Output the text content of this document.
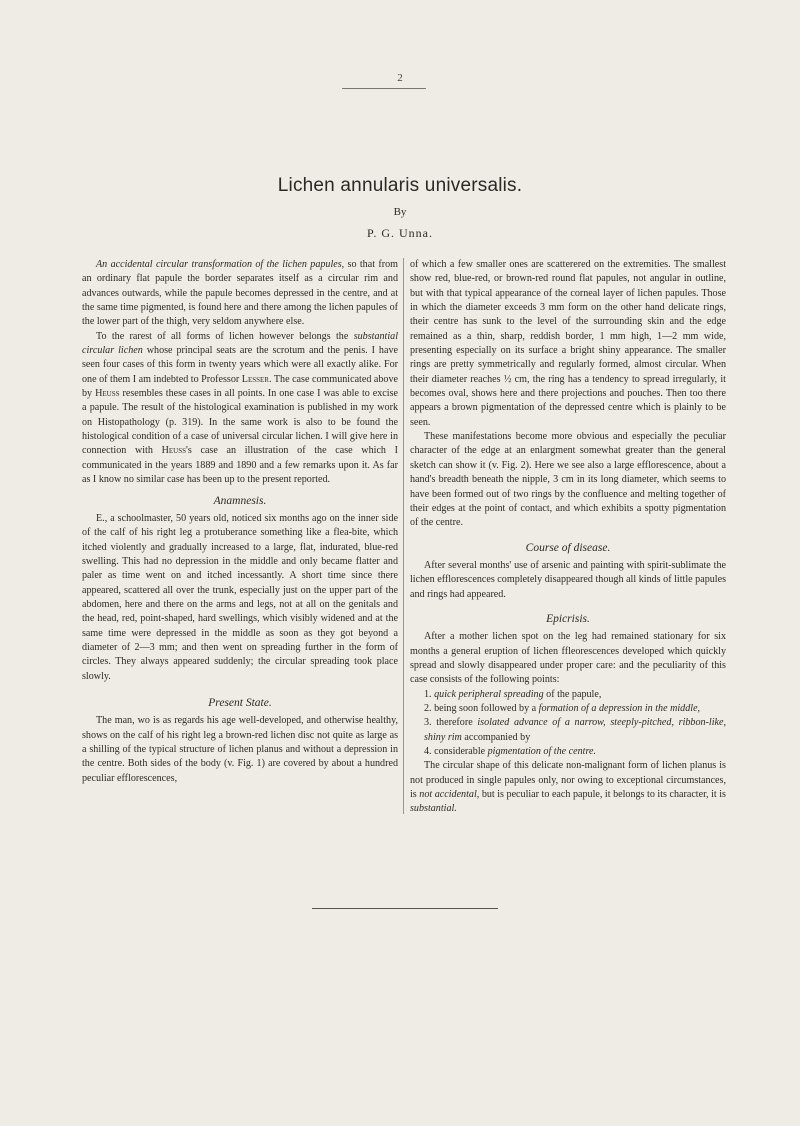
2
Lichen annularis universalis.
By
P. G. Unna.

An accidental circular transformation of the lichen papules, so that from an ordinary flat papule the border separates itself as a circular rim and advances outwards, while the papule becomes depressed in the centre, and at the same time pigmented, is found here and there among the lichen papules of the lower part of the thigh, very seldom anywhere else.

To the rarest of all forms of lichen however belongs the substantial circular lichen whose principal seats are the scrotum and the penis. I have seen four cases of this form in twenty years which were all exactly alike. For one of them I am indebted to Professor Lesser. The case communicated above by Heuss resembles these cases in all points. In one case I was able to excise a papule. The result of the histological examination is published in my work on Histopathology (p. 319). In the same work is also to be found the histological condition of a case of universal circular lichen. I will give here in connection with Heuss's case an illustration of the case which I communicated in the years 1889 and 1890 and a few remarks upon it. As far as I know no similar case has been up to the present reported.

Anamnesis.

E., a schoolmaster, 50 years old, noticed six months ago on the inner side of the calf of his right leg a protuberance something like a flea-bite, which itched violently and gradually increased to a large, flat, indurated, blue-red swelling. This had no depression in the middle and only became flatter and paler as time went on and itched incessantly. A short time since there appeared, scattered all over the trunk, especially just on the upper part of the abdomen, here and there on the arms and legs, not at all on the genitals and the head, red, point-shaped, hard swellings, which visibly widened and at the same time were depressed in the middle as soon as they got beyond a diameter of 2—3 mm; and then went on spreading further in the form of circles. They always appeared suddenly; the circular spreading took place slowly.

Present State.

The man, wo is as regards his age well-developed, and otherwise healthy, shows on the calf of his right leg a brown-red lichen disc not quite as large as a shilling of the typical structure of lichen planus and without a depression in the centre. Both sides of the body (v. Fig. 1) are covered by about a hundred peculiar efflorescences,

of which a few smaller ones are scatterered on the extremities. The smallest show red, blue-red, or brown-red round flat papules, not angular in outline, but with that typical appearance of the corneal layer of lichen papules. Those in which the diameter exceeds 3 mm form on the other hand delicate rings, their centre has sunk to the level of the surrounding skin and the edge remained as a thin, sharp, reddish border, 1 mm high, 1—2 mm wide, presenting especially on its surface a bright shiny appearance. The smaller rings are pretty symmetrically and regularly formed, almost circular. When their diameter reaches ½ cm, the ring has a tendency to spread irregularly, it becomes oval, shows here and there projections and pouches. Then too there appears a brown pigmentation of the depressed centre which is plainly to be seen.

These manifestations become more obvious and especially the peculiar character of the edge at an enlargment somewhat greater than the general sketch can show it (v. Fig. 2). Here we see also a large efflorescence, about a hand's breadth beneath the nipple, 3 cm in its long diameter, which seems to have been formed out of two rings by the confluence and melting together of their edges at the point of contact, and which exhibits a spotty pigmentation of the centre.

Course of disease.

After several months' use of arsenic and painting with spirit-sublimate the lichen efflorescences completely disappeared though all kinds of little papules and rings had appeared.

Epicrisis.

After a mother lichen spot on the leg had remained stationary for six months a general eruption of lichen ffleorescences developed which quickly spread and slowly disappeared under proper care: and the peculiarity of this case consists of the following points:

1. quick peripheral spreading of the papule,
2. being soon followed by a formation of a depression in the middle,
3. therefore isolated advance of a narrow, steeply-pitched, ribbon-like, shiny rim accompanied by
4. considerable pigmentation of the centre.

The circular shape of this delicate non-malignant form of lichen planus is not produced in single papules only, nor owing to exceptional circumstances, is not accidental, but is peculiar to each papule, it belongs to its character, it is substantial.
